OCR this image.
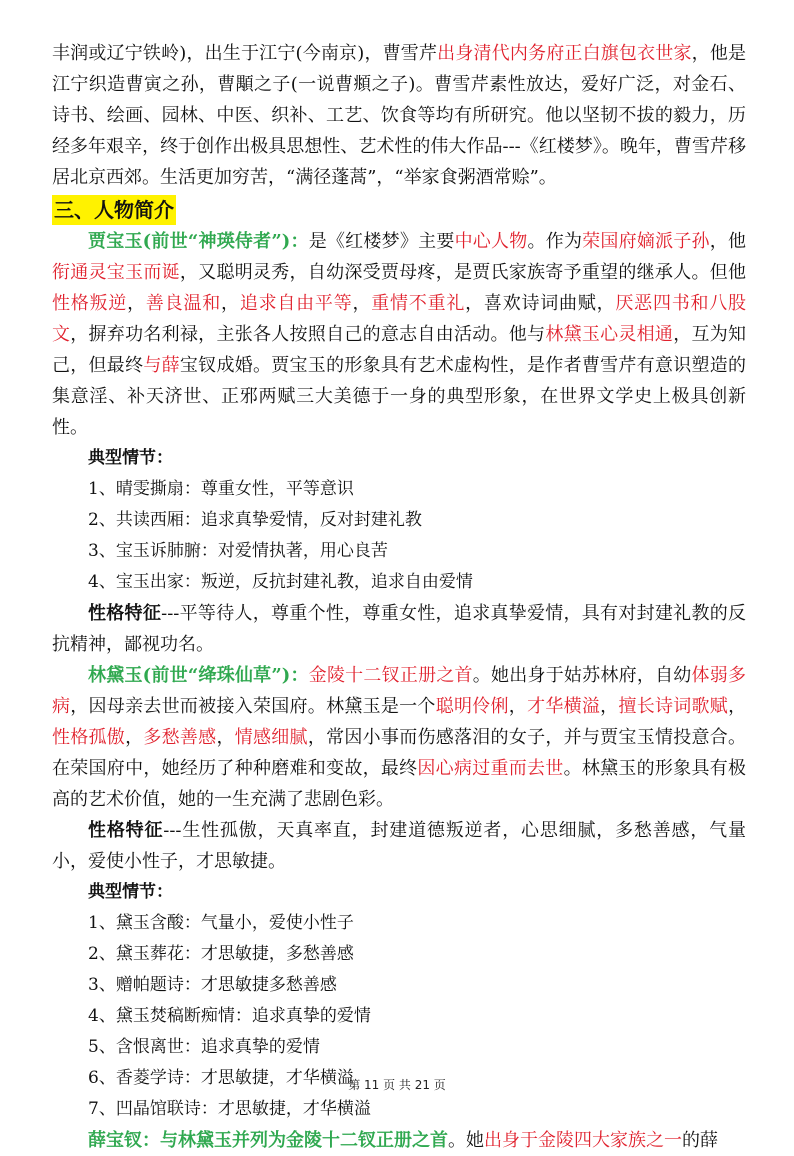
丰润或辽宁铁岭)，出生于江宁(今南京)，曹雪芹出身清代内务府正白旗包衣世家，他是江宁织造曹寅之孙，曹顒之子(一说曹頫之子)。曹雪芹素性放达，爱好广泛，对金石、诗书、绘画、园林、中医、织补、工艺、饮食等均有所研究。他以坚韧不拔的毅力，历经多年艰辛，终于创作出极具思想性、艺术性的伟大作品---《红楼梦》。晚年，曹雪芹移居北京西郊。生活更加穷苦，“满径蓬蒿”，“举家食粥酒常赊”。

三、人物简介

贾宝玉(前世“神瑛侍者”)：是《红楼梦》主要中心人物。作为荣国府嫡派子孙，他衔通灵宝玉而诞，又聪明灵秀，自幼深受贾母疼，是贾氏家族寄予重望的继承人。但他性格叛逆，善良温和，追求自由平等，重情不重礼，喜欢诗词曲赋，厌恶四书和八股文，摒弃功名利禄，主张各人按照自己的意志自由活动。他与林黛玉心灵相通，互为知己，但最终与薛宝钗成婚。贾宝玉的形象具有艺术虚构性，是作者曹雪芹有意识塑造的集意淫、补天济世、正邪两赋三大美德于一身的典型形象，在世界文学史上极具创新性。

典型情节：

1、晴雯撕扇：尊重女性，平等意识

2、共读西厢：追求真挚爱情，反对封建礼教

3、宝玉诉肺腑：对爱情执著，用心良苦

4、宝玉出家：叛逆，反抗封建礼教，追求自由爱情

性格特征---平等待人，尊重个性，尊重女性，追求真挚爱情，具有对封建礼教的反抗精神，鄙视功名。

林黛玉(前世“绛珠仙草”)：金陵十二钗正册之首。她出身于姑苏林府，自幼体弱多病，因母亲去世而被接入荣国府。林黛玉是一个聪明伶俐，才华横溢，擅长诗词歌赋，性格孤傲，多愁善感，情感细腻，常因小事而伤感落泪的女子，并与贾宝玉情投意合。在荣国府中，她经历了种种磨难和变故，最终因心病过重而去世。林黛玉的形象具有极高的艺术价值，她的一生充满了悲剧色彩。

性格特征---生性孤傲，天真率直，封建道德叛逆者，心思细腻，多愁善感，气量小，爱使小性子，才思敏捷。

典型情节：

1、黛玉含酸：气量小，爱使小性子

2、黛玉葬花：才思敏捷，多愁善感

3、赠帕题诗：才思敏捷多愁善感

4、黛玉焚稿断痴情：追求真挚的爱情

5、含恨离世：追求真挚的爱情

6、香菱学诗：才思敏捷，才华横溢

7、凹晶馆联诗：才思敏捷，才华横溢

薛宝钗：与林黛玉并列为金陵十二钗正册之首。她出身于金陵四大家族之一的薛

第 11 页 共 21 页
